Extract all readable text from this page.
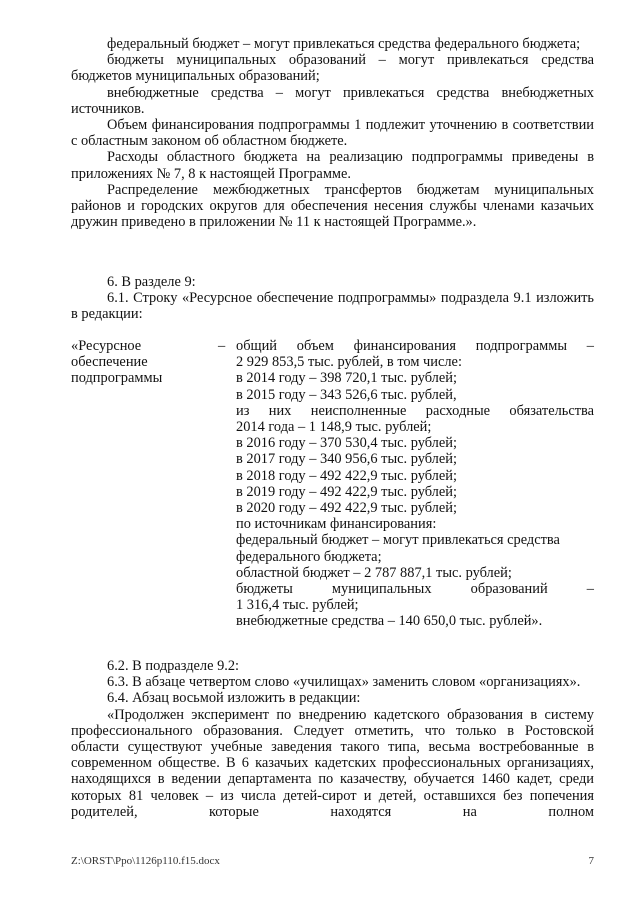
федеральный бюджет – могут привлекаться средства федерального бюджета;
бюджеты муниципальных образований – могут привлекаться средства бюджетов муниципальных образований;
внебюджетные средства – могут привлекаться средства внебюджетных источников.
Объем финансирования подпрограммы 1 подлежит уточнению в соответствии с областным законом об областном бюджете.
Расходы областного бюджета на реализацию подпрограммы приведены в приложениях № 7, 8 к настоящей Программе.
Распределение межбюджетных трансфертов бюджетам муниципальных районов и городских округов для обеспечения несения службы членами казачьих дружин приведено в приложении № 11 к настоящей Программе.».
6. В разделе 9:
6.1. Строку «Ресурсное обеспечение подпрограммы» подраздела 9.1 изложить в редакции:
«Ресурсное
обеспечение
подпрограммы
– общий объем финансирования подпрограммы –
2 929 853,5 тыс. рублей, в том числе:
в 2014 году – 398 720,1 тыс. рублей;
в 2015 году – 343 526,6 тыс. рублей,
из них неисполненные расходные обязательства
2014 года – 1 148,9 тыс. рублей;
в 2016 году – 370 530,4 тыс. рублей;
в 2017 году – 340 956,6 тыс. рублей;
в 2018 году – 492 422,9 тыс. рублей;
в 2019 году – 492 422,9 тыс. рублей;
в 2020 году – 492 422,9 тыс. рублей;
по источникам финансирования:
федеральный бюджет – могут привлекаться средства
федерального бюджета;
областной бюджет – 2 787 887,1 тыс. рублей;
бюджеты муниципальных образований –
1 316,4 тыс. рублей;
внебюджетные средства – 140 650,0 тыс. рублей».
6.2. В подразделе 9.2:
6.3. В абзаце четвертом слово «училищах» заменить словом «организациях».
6.4. Абзац восьмой изложить в редакции:
«Продолжен эксперимент по внедрению кадетского образования в систему профессионального образования. Следует отметить, что только в Ростовской области существуют учебные заведения такого типа, весьма востребованные в современном обществе. В 6 казачьих кадетских профессиональных организациях, находящихся в ведении департамента по казачеству, обучается 1460 кадет, среди которых 81 человек – из числа детей-сирот и детей, оставшихся без попечения родителей, которые находятся на полном
Z:\ORST\Ppo\1126p110.f15.docx	7
